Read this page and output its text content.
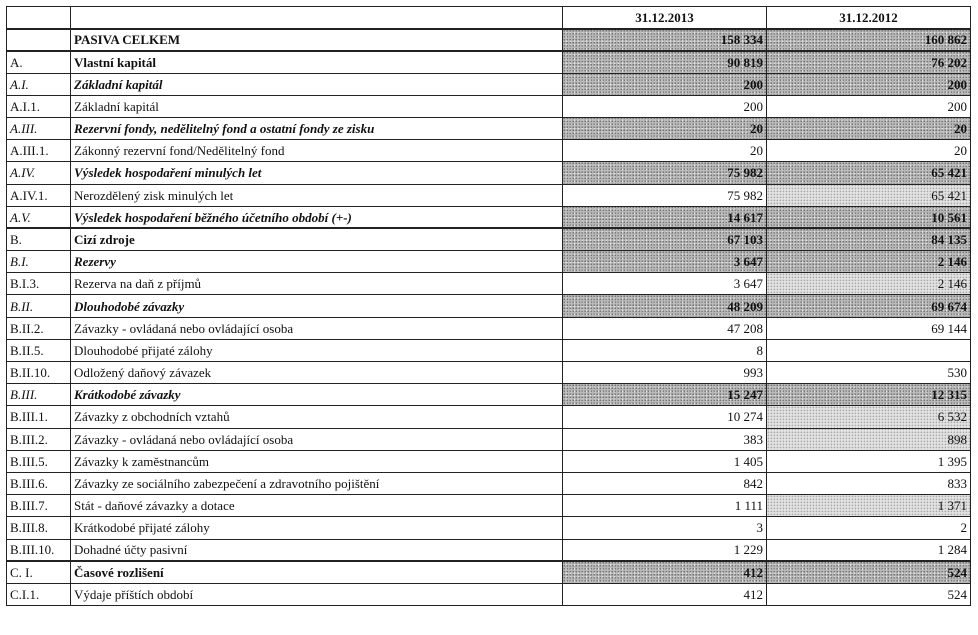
		31.12.2013	31.12.2012
	PASIVA CELKEM	158 334	160 862
A.	Vlastní kapitál	90 819	76 202
A.I.	Základní kapitál	200	200
A.I.1.	Základní kapitál	200	200
A.III.	Rezervní fondy, nedělitelný fond a ostatní fondy ze zisku	20	20
A.III.1.	Zákonný rezervní fond/Nedělitelný fond	20	20
A.IV.	Výsledek hospodaření minulých let	75 982	65 421
A.IV.1.	Nerozdělený zisk minulých let	75 982	65 421
A.V.	Výsledek hospodaření běžného účetního období (+-)	14 617	10 561
B.	Cizí zdroje	67 103	84 135
B.I.	Rezervy	3 647	2 146
B.I.3.	Rezerva na daň z příjmů	3 647	2 146
B.II.	Dlouhodobé závazky	48 209	69 674
B.II.2.	Závazky - ovládaná nebo ovládající osoba	47 208	69 144
B.II.5.	Dlouhodobé přijaté zálohy	8	
B.II.10.	Odložený daňový závazek	993	530
B.III.	Krátkodobé závazky	15 247	12 315
B.III.1.	Závazky z obchodních vztahů	10 274	6 532
B.III.2.	Závazky - ovládaná nebo ovládající osoba	383	898
B.III.5.	Závazky k zaměstnancům	1 405	1 395
B.III.6.	Závazky ze sociálního zabezpečení a zdravotního pojištění	842	833
B.III.7.	Stát - daňové závazky a dotace	1 111	1 371
B.III.8.	Krátkodobé přijaté zálohy	3	2
B.III.10.	Dohadné účty pasivní	1 229	1 284
C. I.	Časové rozlišení	412	524
C.I.1.	Výdaje příštích období	412	524
